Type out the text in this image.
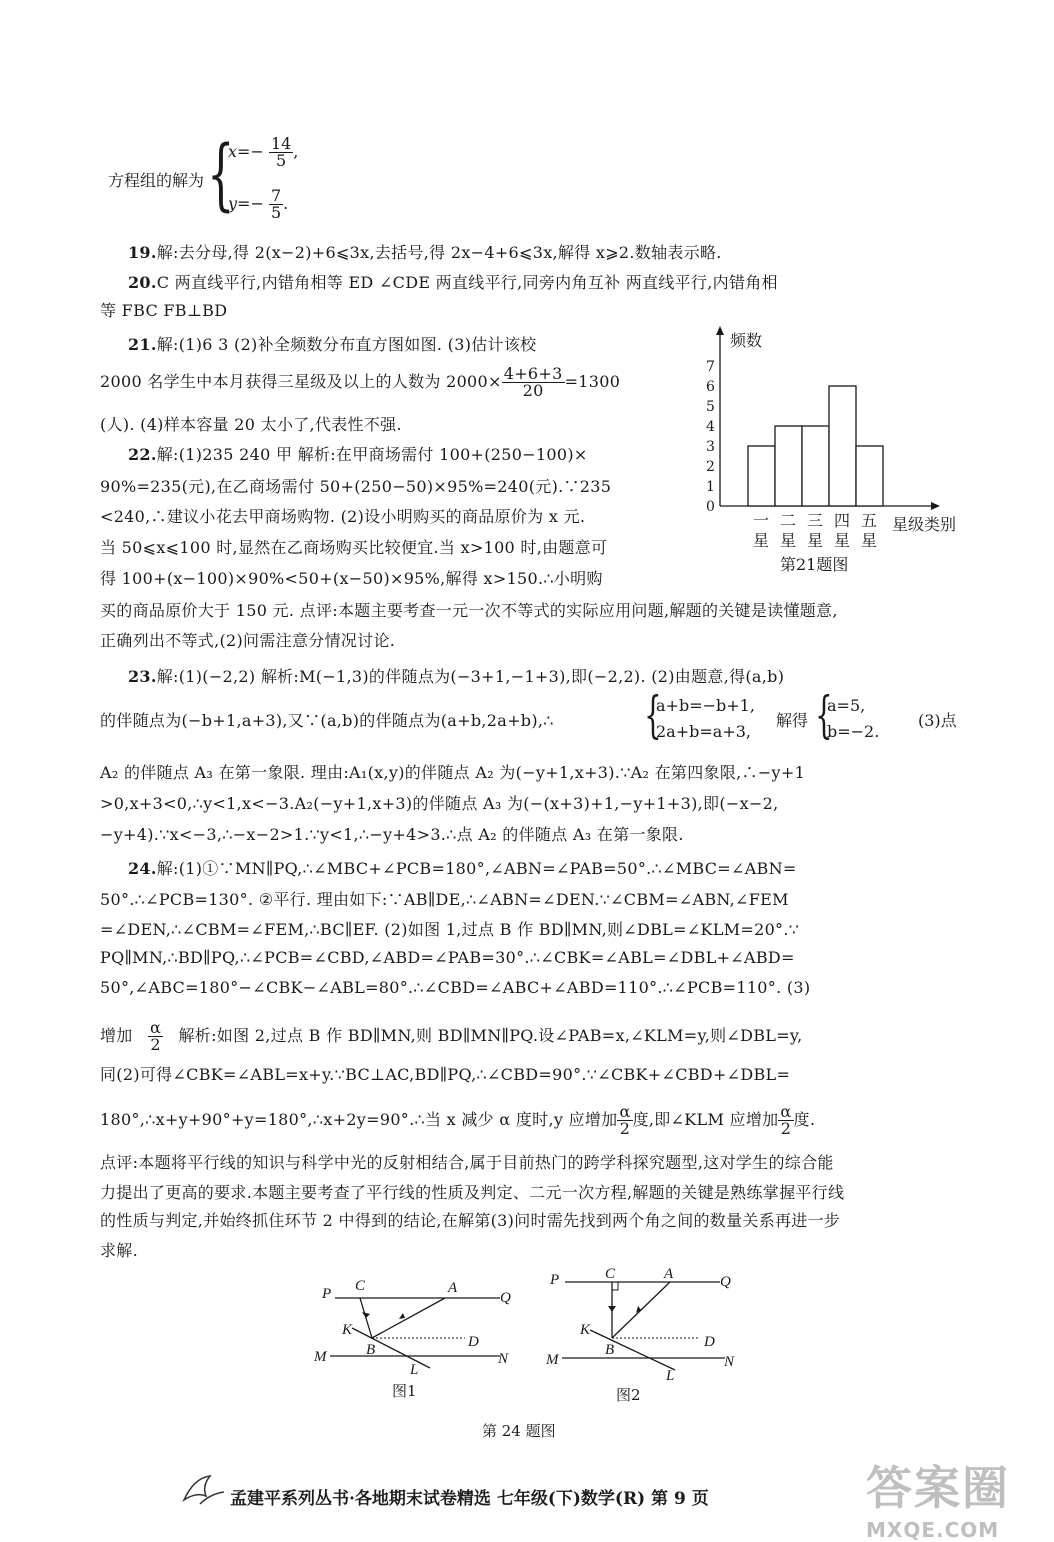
方程组的解为 {
$x=- \frac{14}{5}$ ,
$y=- \frac{7}{5}$ .
19.解:去分母,得 2(x−2)+6⩽3x,去括号,得 2x−4+6⩽3x,解得 x⩾2.数轴表示略.
20.C 两直线平行,内错角相等 ED ∠CDE 两直线平行,同旁内角互补 两直线平行,内错角相
等 FBC FB⊥BD
21.解:(1)6 3 (2)补全频数分布直方图如图. (3)估计该校
2000 名学生中本月获得三星级及以上的人数为 $2000\times \frac{4+6+3}{20} =1300$
(人). (4)样本容量 20 太小了,代表性不强.
22.解:(1)235 240 甲 解析:在甲商场需付 100+(250−100)×
90%=235(元),在乙商场需付 50+(250−50)×95%=240(元).∵235
<240,∴建议小花去甲商场购物. (2)设小明购买的商品原价为 x 元.
当 50⩽x⩽100 时,显然在乙商场购买比较便宜.当 x>100 时,由题意可
得 100+(x−100)×90%<50+(x−50)×95%,解得 x>150.∴小明购
买的商品原价大于 150 元. 点评:本题主要考查一元一次不等式的实际应用问题,解题的关键是读懂题意,
正确列出不等式,(2)问需注意分情况讨论.
频数
0
1
2
3
4
5
6
7
一
星
二
星
三
星
四
星
五
星
星级类别
第21题图
23.解:(1)(−2,2) 解析:M(−1,3)的伴随点为(−3+1,−1+3),即(−2,2). (2)由题意,得(a,b)
的伴随点为(−b+1,a+3),又∵(a,b)的伴随点为(a+b,2a+b),∴	{
a+b=−b+1,
2a+b=a+3,
解得 {
a=5,
b=−2.
(3)点
A₂ 的伴随点 A₃ 在第一象限. 理由:A₁(x,y)的伴随点 A₂ 为(−y+1,x+3).∵A₂ 在第四象限,∴−y+1
>0,x+3<0,∴y<1,x<−3.A₂(−y+1,x+3)的伴随点 A₃ 为(−(x+3)+1,−y+1+3),即(−x−2,
−y+4).∵x<−3,∴−x−2>1.∵y<1,∴−y+4>3.∴点 A₂ 的伴随点 A₃ 在第一象限.
24.解:(1)①∵MN∥PQ,∴∠MBC+∠PCB=180°,∠ABN=∠PAB=50°.∴∠MBC=∠ABN=
50°.∴∠PCB=130°. ②平行. 理由如下:∵AB∥DE,∴∠ABN=∠DEN.∵∠CBM=∠ABN,∠FEM
=∠DEN,∴∠CBM=∠FEM,∴BC∥EF. (2)如图 1,过点 B 作 BD∥MN,则∠DBL=∠KLM=20°.∵
PQ∥MN,∴BD∥PQ,∴∠PCB=∠CBD,∠ABD=∠PAB=30°.∴∠CBK=∠ABL=∠DBL+∠ABD=
50°,∠ABC=180°−∠CBK−∠ABL=80°.∴∠CBD=∠ABC+∠ABD=110°.∴∠PCB=110°. (3)
增加 $\frac{\alpha}{2}$ 解析:如图 2,过点 B 作 BD∥MN,则 BD∥MN∥PQ.设∠PAB=x,∠KLM=y,则∠DBL=y,
同(2)可得∠CBK=∠ABL=x+y.∵BC⊥AC,BD∥PQ,∴∠CBD=90°.∵∠CBK+∠CBD+∠DBL=
180°,∴x+y+90°+y=180°,∴x+2y=90°.∴当 x 减少 α 度时,y 应增加 $\frac{\alpha}{2}$ 度,即∠KLM 应增加 $\frac{\alpha}{2}$ 度.
点评:本题将平行线的知识与科学中光的反射相结合,属于目前热门的跨学科探究题型,这对学生的综合能
力提出了更高的要求.本题主要考查了平行线的性质及判定、二元一次方程,解题的关键是熟练掌握平行线
的性质与判定,并始终抓住环节 2 中得到的结论,在解第(3)问时需先找到两个角之间的数量关系再进一步
求解.
P C	A
Q
K
B	D
M
L
N
图1
P	C	A	Q
K
B	D
M
L
N
图2
第 24 题图
孟建平系列丛书·各地期末试卷精选 七年级(下)数学(R) 第 9 页	答案圈
MXQE.COM
